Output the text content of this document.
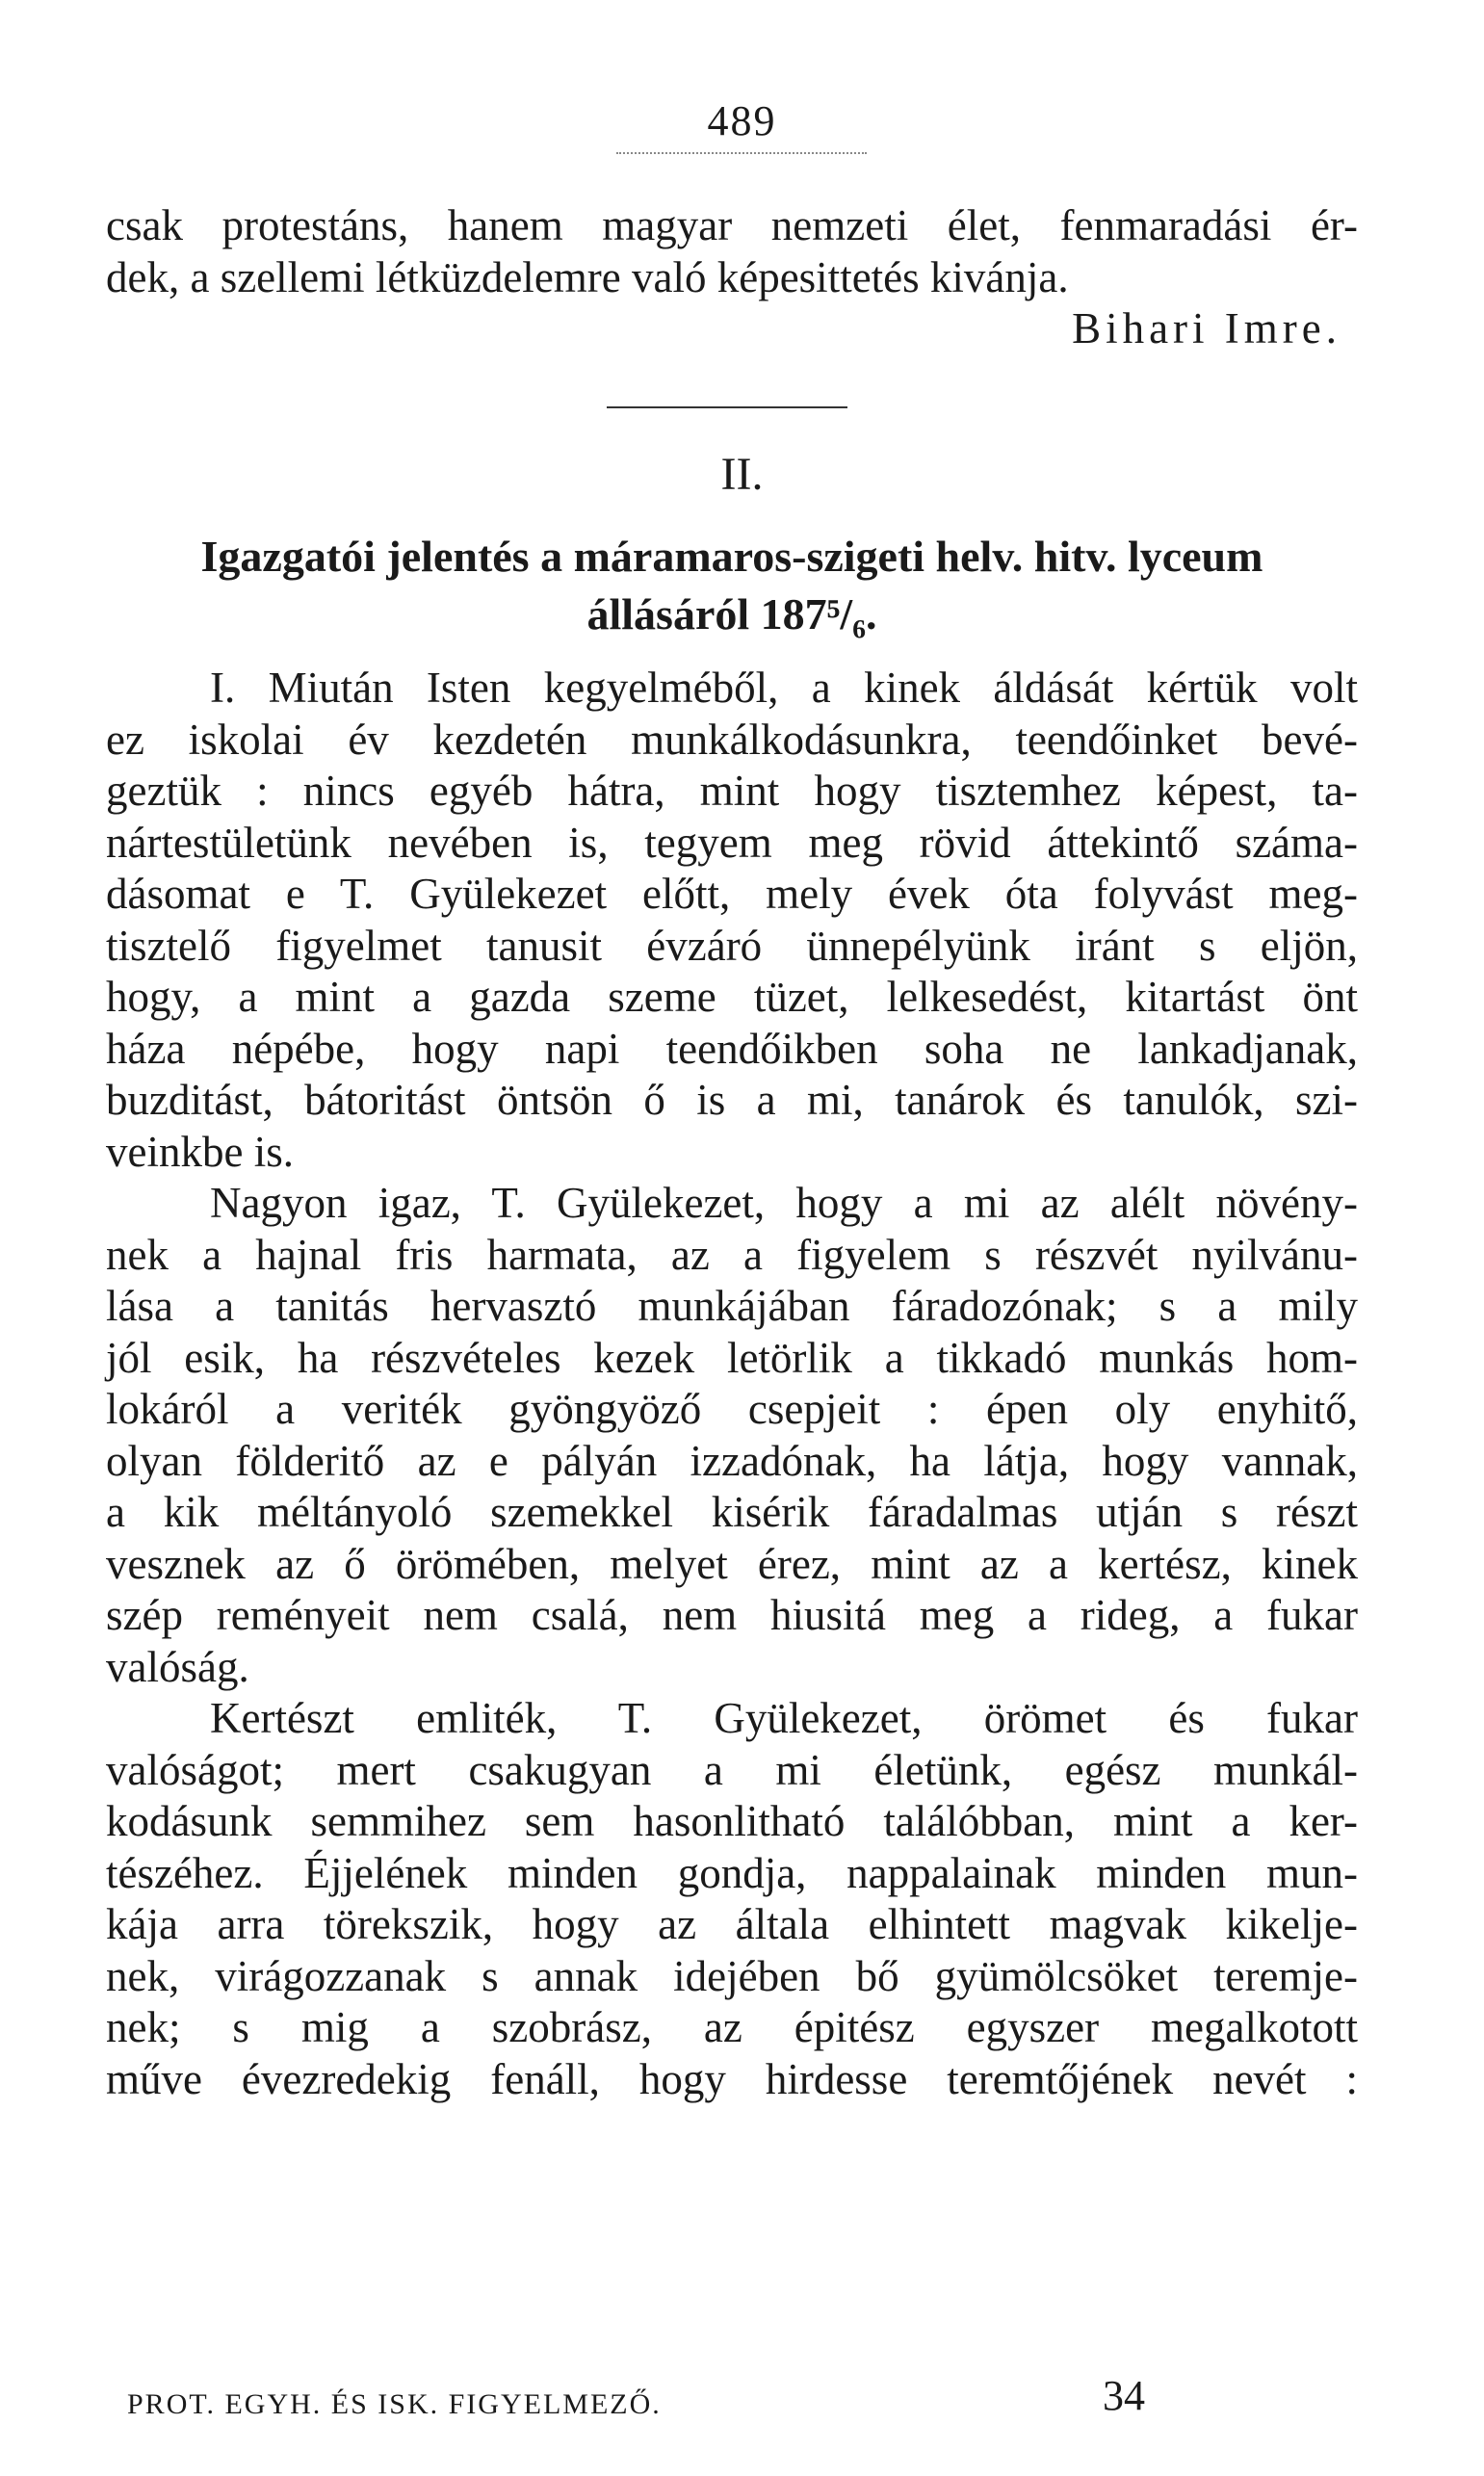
489
csak protestáns, hanem magyar nemzeti élet, fenmaradási ér-
dek, a szellemi létküzdelemre való képesittetés kivánja.
Bihari Imre.
II.
Igazgatói jelentés a máramaros-szigeti helv. hitv. lyceum
állásáról 187⁵/₆.
I. Miután Isten kegyelméből, a kinek áldását kértük volt
ez iskolai év kezdetén munkálkodásunkra, teendőinket bevé-
geztük : nincs egyéb hátra, mint hogy tisztemhez képest, ta-
nártestületünk nevében is, tegyem meg rövid áttekintő száma-
dásomat e T. Gyülekezet előtt, mely évek óta folyvást meg-
tisztelő figyelmet tanusit évzáró ünnepélyünk iránt s eljön,
hogy, a mint a gazda szeme tüzet, lelkesedést, kitartást önt
háza népébe, hogy napi teendőikben soha ne lankadjanak,
buzditást, bátoritást öntsön ő is a mi, tanárok és tanulók, szi-
veinkbe is.
Nagyon igaz, T. Gyülekezet, hogy a mi az alélt növény-
nek a hajnal fris harmata, az a figyelem s részvét nyilvánu-
lása a tanitás hervasztó munkájában fáradozónak; s a mily
jól esik, ha részvételes kezek letörlik a tikkadó munkás hom-
lokáról a veriték gyöngyöző csepjeit : épen oly enyhitő,
olyan földeritő az e pályán izzadónak, ha látja, hogy vannak,
a kik méltányoló szemekkel kisérik fáradalmas utján s részt
vesznek az ő örömében, melyet érez, mint az a kertész, kinek
szép reményeit nem csalá, nem hiusitá meg a rideg, a fukar
valóság.
Kertészt emliték, T. Gyülekezet, örömet és fukar
valóságot; mert csakugyan a mi életünk, egész munkál-
kodásunk semmihez sem hasonlitható találóbban, mint a ker-
tészéhez. Éjjelének minden gondja, nappalainak minden mun-
kája arra törekszik, hogy az általa elhintett magvak kikelje-
nek, virágozzanak s annak idejében bő gyümölcsöket teremje-
nek; s mig a szobrász, az épitész egyszer megalkotott
műve évezredekig fenáll, hogy hirdesse teremtőjének nevét :
PROT. EGYH. ÉS ISK. FIGYELMEZŐ.	34
